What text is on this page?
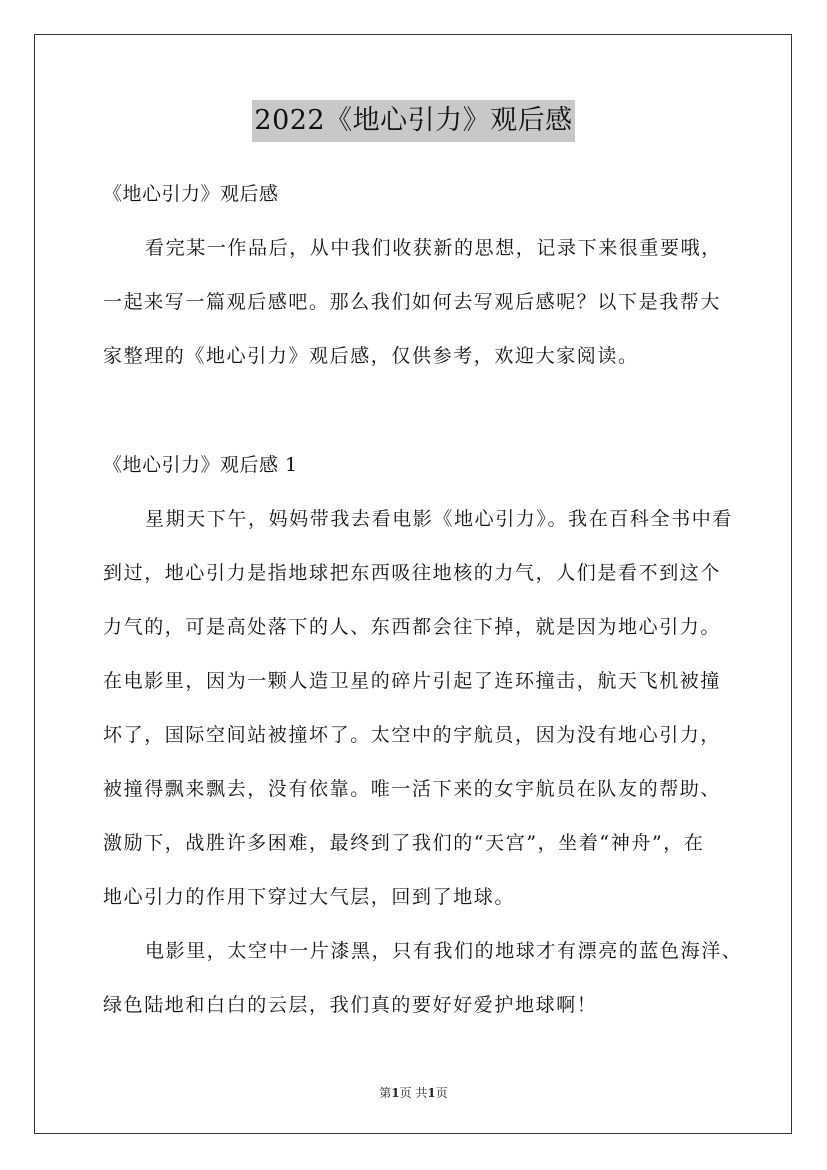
2022《地心引力》观后感
《地心引力》观后感
看完某一作品后，从中我们收获新的思想，记录下来很重要哦，
一起来写一篇观后感吧。那么我们如何去写观后感呢？以下是我帮大
家整理的《地心引力》观后感，仅供参考，欢迎大家阅读。
《地心引力》观后感 1
星期天下午，妈妈带我去看电影《地心引力》。我在百科全书中看
到过，地心引力是指地球把东西吸往地核的力气，人们是看不到这个
力气的，可是高处落下的人、东西都会往下掉，就是因为地心引力。
在电影里，因为一颗人造卫星的碎片引起了连环撞击，航天飞机被撞
坏了，国际空间站被撞坏了。太空中的宇航员，因为没有地心引力，
被撞得飘来飘去，没有依靠。唯一活下来的女宇航员在队友的帮助、
激励下，战胜许多困难，最终到了我们的“天宫”，坐着“神舟”，在
地心引力的作用下穿过大气层，回到了地球。
电影里，太空中一片漆黑，只有我们的地球才有漂亮的蓝色海洋、
绿色陆地和白白的云层，我们真的要好好爱护地球啊！
第1页 共1页
